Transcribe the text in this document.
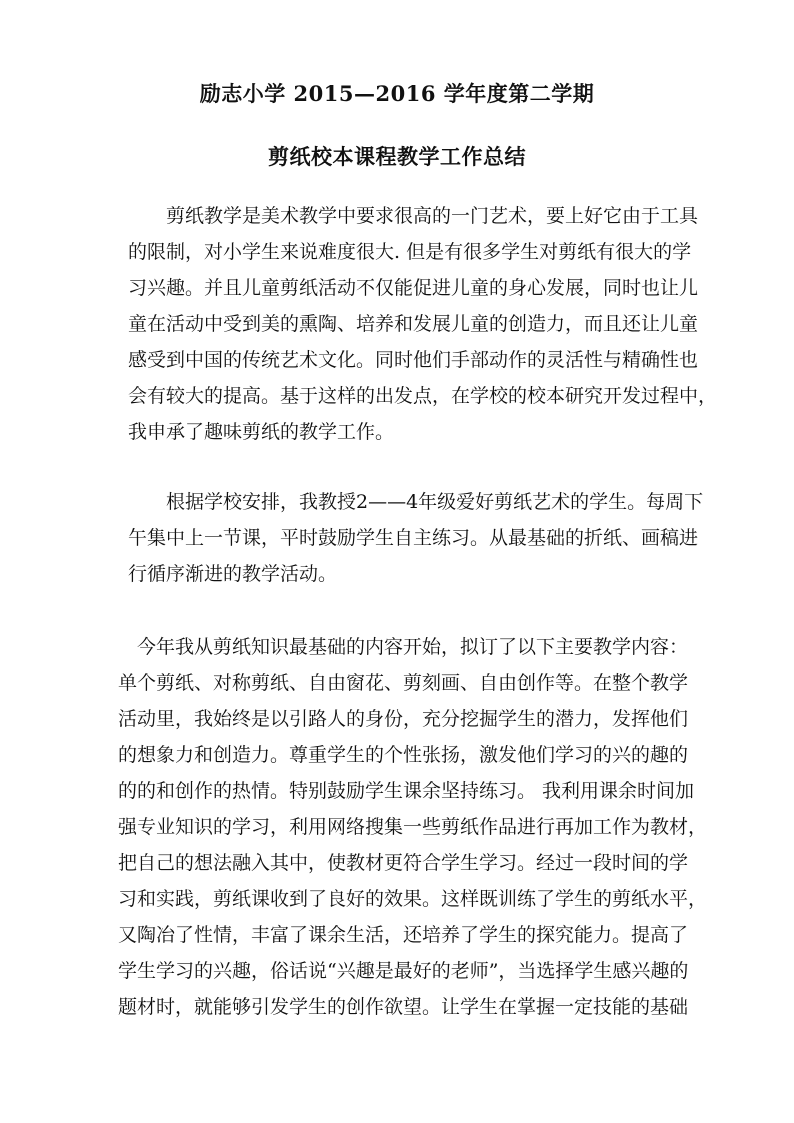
励志小学 2015—2016 学年度第二学期
剪纸校本课程教学工作总结
　　剪纸教学是美术教学中要求很高的一门艺术，要上好它由于工具
的限制，对小学生来说难度很大. 但是有很多学生对剪纸有很大的学
习兴趣。并且儿童剪纸活动不仅能促进儿童的身心发展，同时也让儿
童在活动中受到美的熏陶、培养和发展儿童的创造力，而且还让儿童
感受到中国的传统艺术文化。同时他们手部动作的灵活性与精确性也
会有较大的提高。基于这样的出发点，在学校的校本研究开发过程中，
我申承了趣味剪纸的教学工作。
　　根据学校安排，我教授2——4年级爱好剪纸艺术的学生。每周下
午集中上一节课，平时鼓励学生自主练习。从最基础的折纸、画稿进
行循序渐进的教学活动。
　今年我从剪纸知识最基础的内容开始，拟订了以下主要教学内容：
单个剪纸、对称剪纸、自由窗花、剪刻画、自由创作等。在整个教学
活动里，我始终是以引路人的身份，充分挖掘学生的潜力，发挥他们
的想象力和创造力。尊重学生的个性张扬，激发他们学习的兴的趣的
的的和创作的热情。特别鼓励学生课余坚持练习。 我利用课余时间加
强专业知识的学习，利用网络搜集一些剪纸作品进行再加工作为教材，
把自己的想法融入其中，使教材更符合学生学习。经过一段时间的学
习和实践，剪纸课收到了良好的效果。这样既训练了学生的剪纸水平，
又陶冶了性情，丰富了课余生活，还培养了学生的探究能力。提高了
学生学习的兴趣，俗话说“兴趣是最好的老师”，当选择学生感兴趣的
题材时，就能够引发学生的创作欲望。让学生在掌握一定技能的基础
